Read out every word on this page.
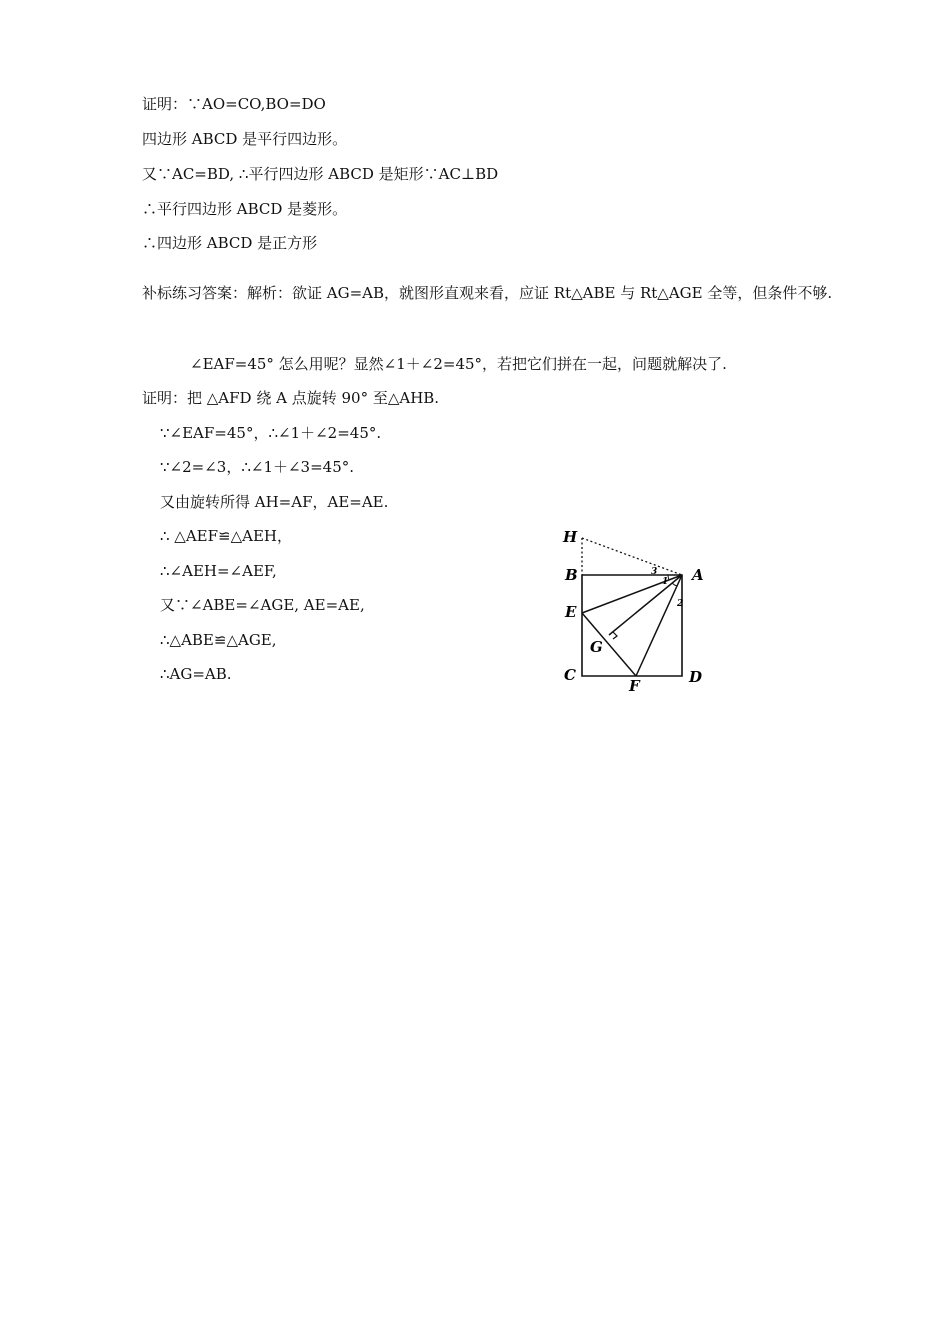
证明：∵AO=CO,BO=DO
四边形 ABCD 是平行四边形。
又∵AC=BD, ∴平行四边形 ABCD 是矩形∵AC⊥BD
∴平行四边形 ABCD 是菱形。
∴四边形 ABCD 是正方形
补标练习答案：解析：欲证 AG=AB，就图形直观来看，应证 Rt△ABE 与 Rt△AGE 全等，但条件不够.
∠EAF=45° 怎么用呢？显然∠1＋∠2=45°，若把它们拼在一起，问题就解决了.
证明：把 △AFD 绕 A 点旋转 90° 至△AHB.
∵∠EAF=45°，∴∠1＋∠2=45°.
∵∠2=∠3，∴∠1＋∠3=45°.
又由旋转所得 AH=AF，AE=AE.
∴ △AEF≌△AEH，
∴∠AEH=∠AEF,
又∵∠ABE=∠AGE, AE=AE,
∴△ABE≌△AGE,
∴AG=AB.
H
B	A
E
G
C
F	D
3
1
2
